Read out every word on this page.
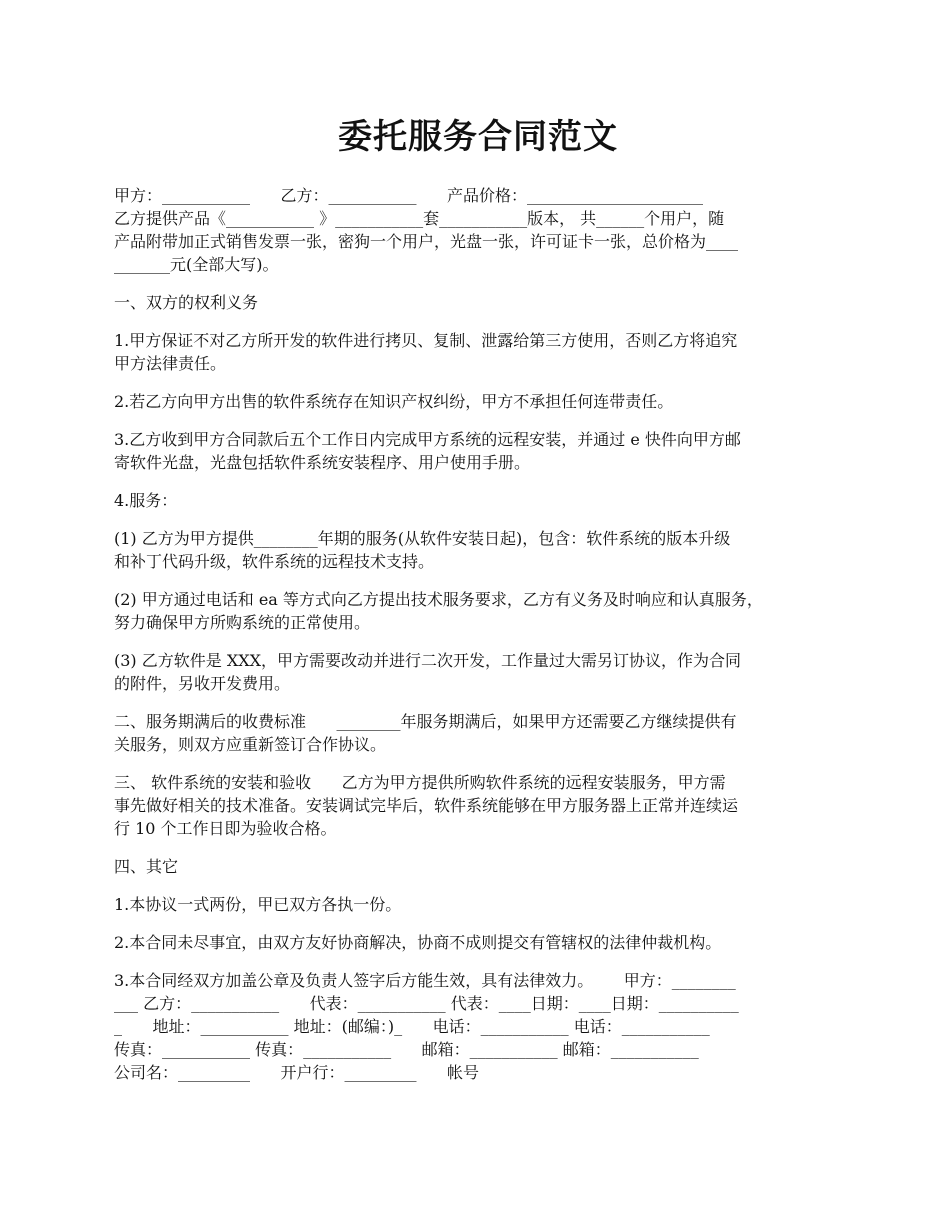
委托服务合同范文
甲方：___________      乙方：___________      产品价格：______________________
乙方提供产品《___________ 》___________套___________版本， 共______个用户，随
产品附带加正式销售发票一张，密狗一个用户，光盘一张，许可证卡一张，总价格为____
_______元(全部大写)。
一、双方的权利义务
1.甲方保证不对乙方所开发的软件进行拷贝、复制、泄露给第三方使用，否则乙方将追究
甲方法律责任。
2.若乙方向甲方出售的软件系统存在知识产权纠纷，甲方不承担任何连带责任。
3.乙方收到甲方合同款后五个工作日内完成甲方系统的远程安装，并通过 e 快件向甲方邮
寄软件光盘，光盘包括软件系统安装程序、用户使用手册。
4.服务：
(1) 乙方为甲方提供________年期的服务(从软件安装日起)，包含：软件系统的版本升级
和补丁代码升级，软件系统的远程技术支持。
(2) 甲方通过电话和 ea 等方式向乙方提出技术服务要求，乙方有义务及时响应和认真服务，
努力确保甲方所购系统的正常使用。
(3) 乙方软件是 XXX，甲方需要改动并进行二次开发，工作量过大需另订协议，作为合同
的附件，另收开发费用。
二、服务期满后的收费标准      ________年服务期满后，如果甲方还需要乙方继续提供有
关服务，则双方应重新签订合作协议。
三、 软件系统的安装和验收      乙方为甲方提供所购软件系统的远程安装服务，甲方需
事先做好相关的技术准备。安装调试完毕后，软件系统能够在甲方服务器上正常并连续运
行 10 个工作日即为验收合格。
四、其它
1.本协议一式两份，甲已双方各执一份。
2.本合同未尽事宜，由双方友好协商解决，协商不成则提交有管辖权的法律仲裁机构。
3.本合同经双方加盖公章及负责人签字后方能生效，具有法律效力。      甲方：________
___ 乙方：___________      代表：___________ 代表：____日期：____日期：__________
_      地址：___________ 地址：(邮编：)_      电话：___________ 电话：___________
传真：___________ 传真：___________      邮箱：___________ 邮箱：___________
公司名：_________      开户行：_________      帐号
